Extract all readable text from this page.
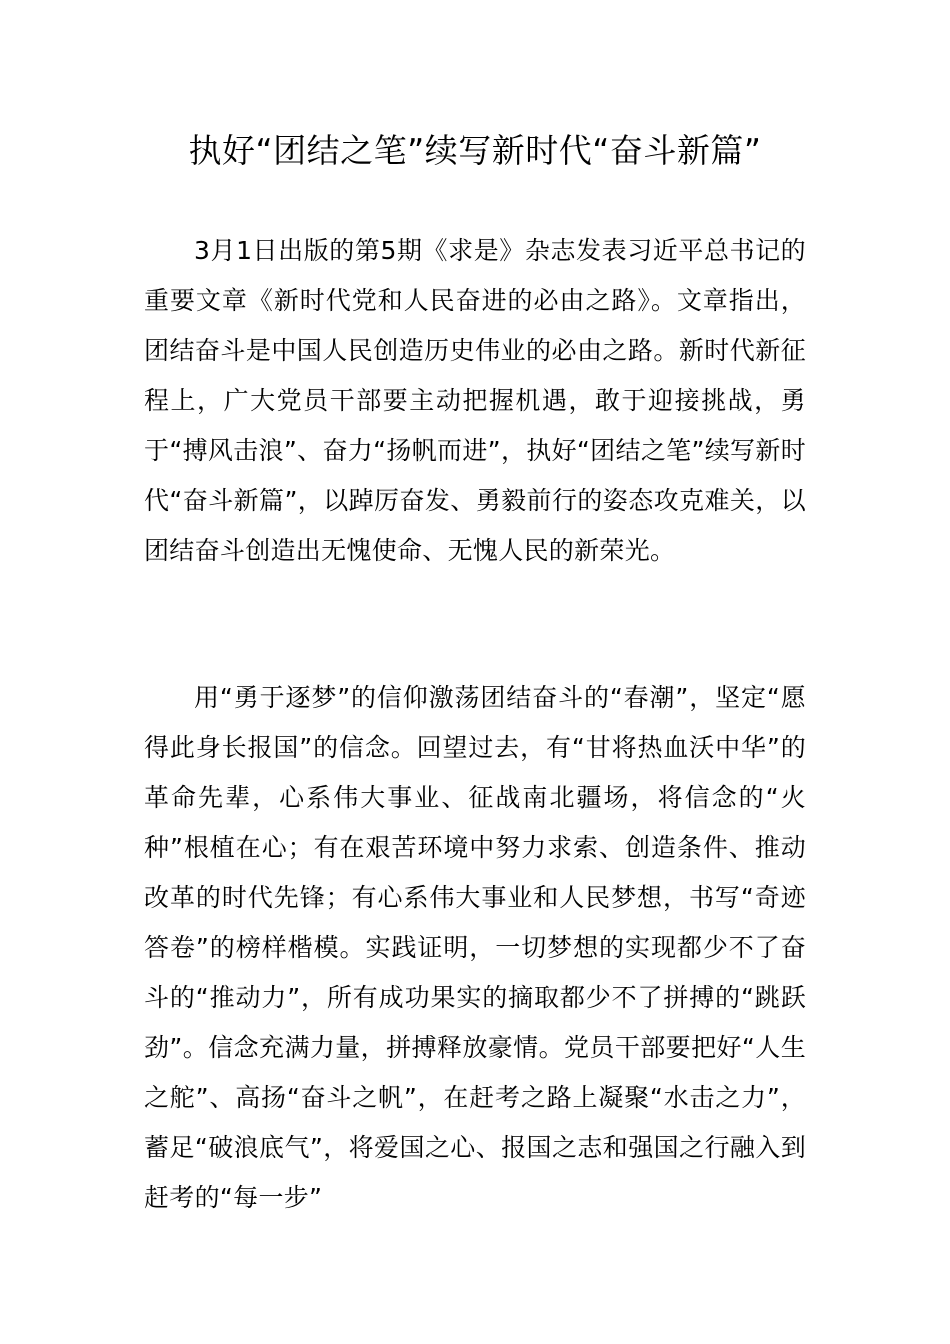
执好“团结之笔”续写新时代“奋斗新篇”

3月1日出版的第5期《求是》杂志发表习近平总书记的重要文章《新时代党和人民奋进的必由之路》。文章指出，团结奋斗是中国人民创造历史伟业的必由之路。新时代新征程上，广大党员干部要主动把握机遇，敢于迎接挑战，勇于“搏风击浪”、奋力“扬帆而进”，执好“团结之笔”续写新时代“奋斗新篇”，以踔厉奋发、勇毅前行的姿态攻克难关，以团结奋斗创造出无愧使命、无愧人民的新荣光。

用“勇于逐梦”的信仰激荡团结奋斗的“春潮”，坚定“愿得此身长报国”的信念。回望过去，有“甘将热血沃中华”的革命先辈，心系伟大事业、征战南北疆场，将信念的“火种”根植在心；有在艰苦环境中努力求索、创造条件、推动改革的时代先锋；有心系伟大事业和人民梦想，书写“奇迹答卷”的榜样楷模。实践证明，一切梦想的实现都少不了奋斗的“推动力”，所有成功果实的摘取都少不了拼搏的“跳跃劲”。信念充满力量，拼搏释放豪情。党员干部要把好“人生之舵”、高扬“奋斗之帆”，在赶考之路上凝聚“水击之力”，蓄足“破浪底气”，将爱国之心、报国之志和强国之行融入到赶考的“每一步”
